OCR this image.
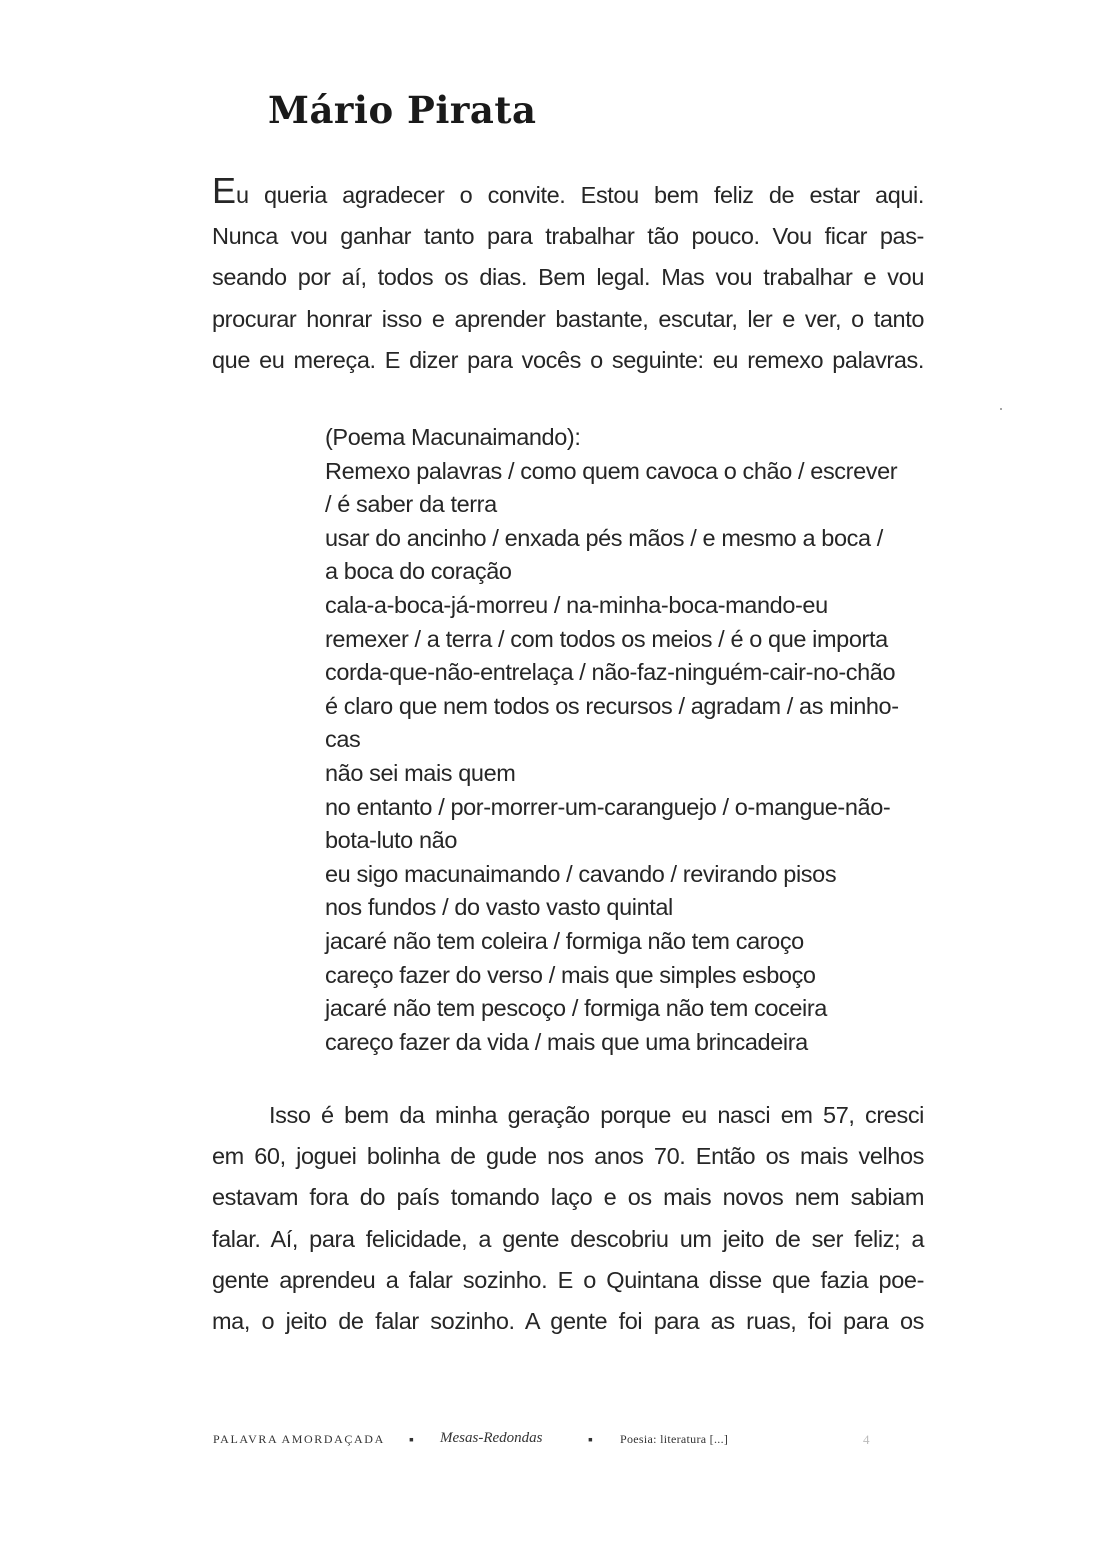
Mário Pirata
Eu queria agradecer o convite. Estou bem feliz de estar aqui.
Nunca vou ganhar tanto para trabalhar tão pouco. Vou ficar pas-
seando por aí, todos os dias. Bem legal. Mas vou trabalhar e vou
procurar honrar isso e aprender bastante, escutar, ler e ver, o tanto
que eu mereça. E dizer para vocês o seguinte: eu remexo palavras.
(Poema Macunaimando):
Remexo palavras / como quem cavoca o chão / escrever
/ é saber da terra
usar do ancinho / enxada pés mãos / e mesmo a boca /
a boca do coração
cala-a-boca-já-morreu / na-minha-boca-mando-eu
remexer / a terra / com todos os meios / é o que importa
corda-que-não-entrelaça / não-faz-ninguém-cair-no-chão
é claro que nem todos os recursos / agradam / as minho-
cas
não sei mais quem
no entanto / por-morrer-um-caranguejo / o-mangue-não-
bota-luto não
eu sigo macunaimando / cavando / revirando pisos
nos fundos / do vasto vasto quintal
jacaré não tem coleira / formiga não tem caroço
careço fazer do verso / mais que simples esboço
jacaré não tem pescoço / formiga não tem coceira
careço fazer da vida / mais que uma brincadeira
Isso é bem da minha geração porque eu nasci em 57, cresci
em 60, joguei bolinha de gude nos anos 70. Então os mais velhos
estavam fora do país tomando laço e os mais novos nem sabiam
falar. Aí, para felicidade, a gente descobriu um jeito de ser feliz; a
gente aprendeu a falar sozinho. E o Quintana disse que fazia poe-
ma, o jeito de falar sozinho. A gente foi para as ruas, foi para os
PALAVRA AMORDAÇADA ▪ Mesas-Redondas	▪ Poesia: literatura [...]	4
